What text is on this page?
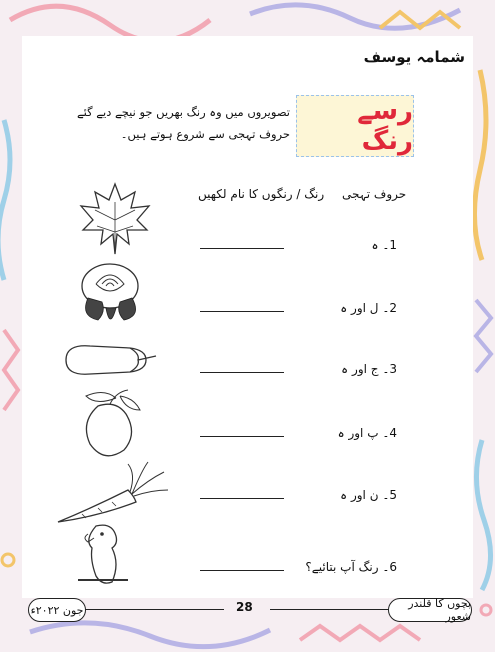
شمامہ یوسف
رسے رنگ
تصویروں میں وہ رنگ بھریں جو نیچے دیے گئے حروف تہجی سے شروع ہوتے ہیں۔
حروف تہجی
رنگ / رنگوں کا نام لکھیں
1۔ ہ
2۔ ل اور ہ
3۔ ج اور ہ
4۔ پ اور ہ
5۔ ن اور ہ
6۔ رنگ آپ بتائیے؟
جون ۲۰۲۲ء	28	بچوں کا قلندر شعور
